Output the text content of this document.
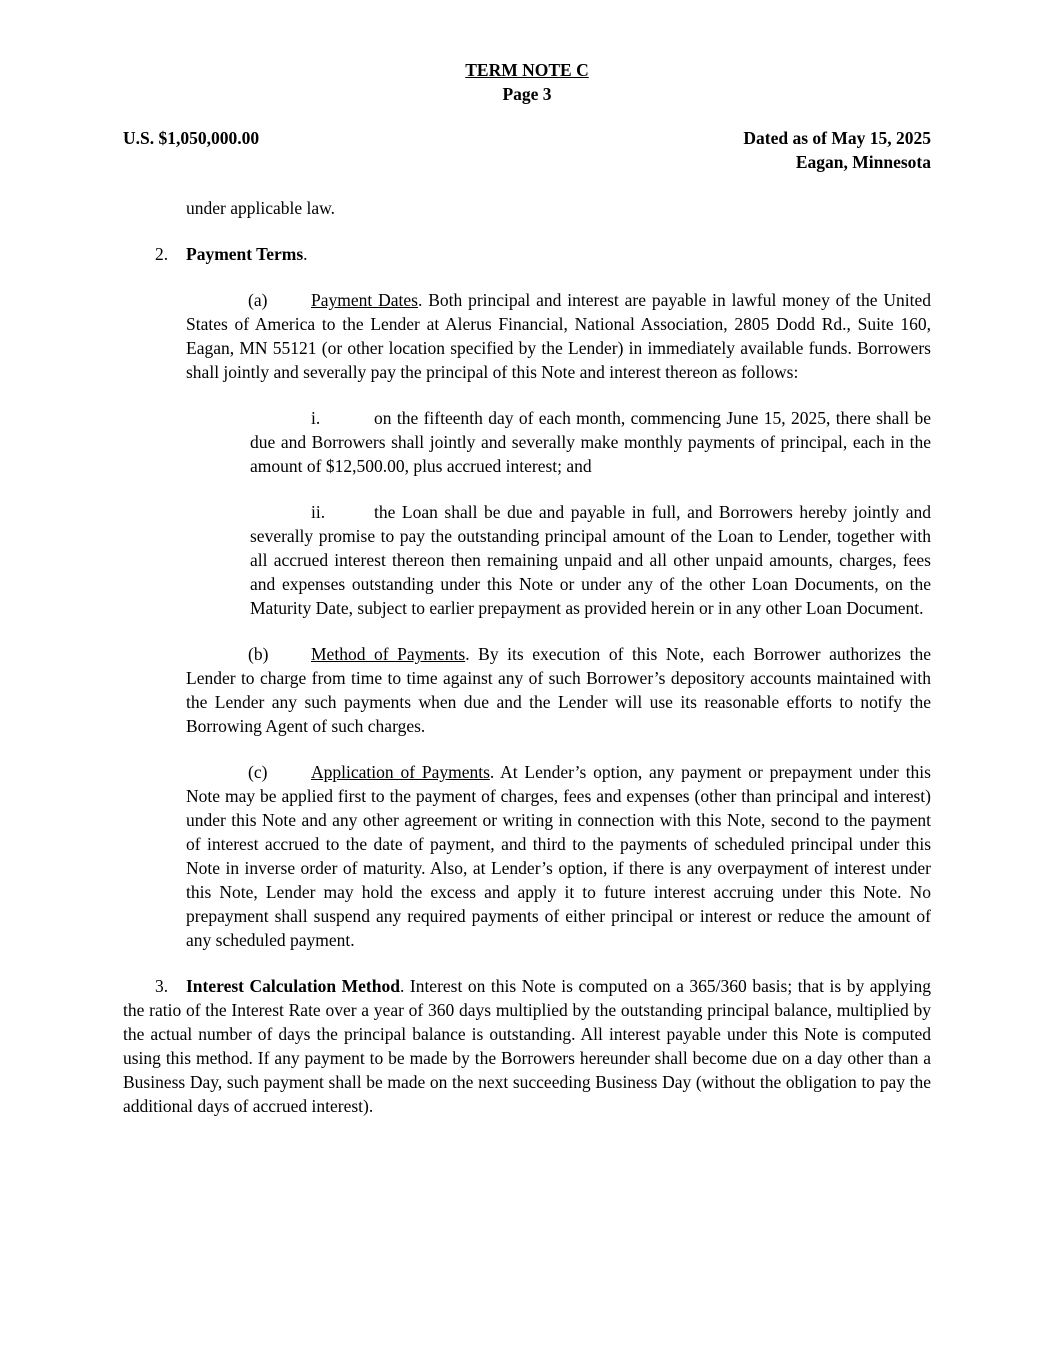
TERM NOTE C
Page 3
U.S. $1,050,000.00	Dated as of May 15, 2025
Eagan, Minnesota

under applicable law.

2. Payment Terms.

(a) Payment Dates. Both principal and interest are payable in lawful money of the United States of America to the Lender at Alerus Financial, National Association, 2805 Dodd Rd., Suite 160, Eagan, MN 55121 (or other location specified by the Lender) in immediately available funds. Borrowers shall jointly and severally pay the principal of this Note and interest thereon as follows:

i.	on the fifteenth day of each month, commencing June 15, 2025, there shall be due and Borrowers shall jointly and severally make monthly payments of principal, each in the amount of $12,500.00, plus accrued interest; and

ii.	the Loan shall be due and payable in full, and Borrowers hereby jointly and severally promise to pay the outstanding principal amount of the Loan to Lender, together with all accrued interest thereon then remaining unpaid and all other unpaid amounts, charges, fees and expenses outstanding under this Note or under any of the other Loan Documents, on the Maturity Date, subject to earlier prepayment as provided herein or in any other Loan Document.

(b) Method of Payments. By its execution of this Note, each Borrower authorizes the Lender to charge from time to time against any of such Borrower’s depository accounts maintained with the Lender any such payments when due and the Lender will use its reasonable efforts to notify the Borrowing Agent of such charges.

(c) Application of Payments. At Lender’s option, any payment or prepayment under this Note may be applied first to the payment of charges, fees and expenses (other than principal and interest) under this Note and any other agreement or writing in connection with this Note, second to the payment of interest accrued to the date of payment, and third to the payments of scheduled principal under this Note in inverse order of maturity. Also, at Lender’s option, if there is any overpayment of interest under this Note, Lender may hold the excess and apply it to future interest accruing under this Note. No prepayment shall suspend any required payments of either principal or interest or reduce the amount of any scheduled payment.

3. Interest Calculation Method. Interest on this Note is computed on a 365/360 basis; that is by applying the ratio of the Interest Rate over a year of 360 days multiplied by the outstanding principal balance, multiplied by the actual number of days the principal balance is outstanding. All interest payable under this Note is computed using this method. If any payment to be made by the Borrowers hereunder shall become due on a day other than a Business Day, such payment shall be made on the next succeeding Business Day (without the obligation to pay the additional days of accrued interest).
